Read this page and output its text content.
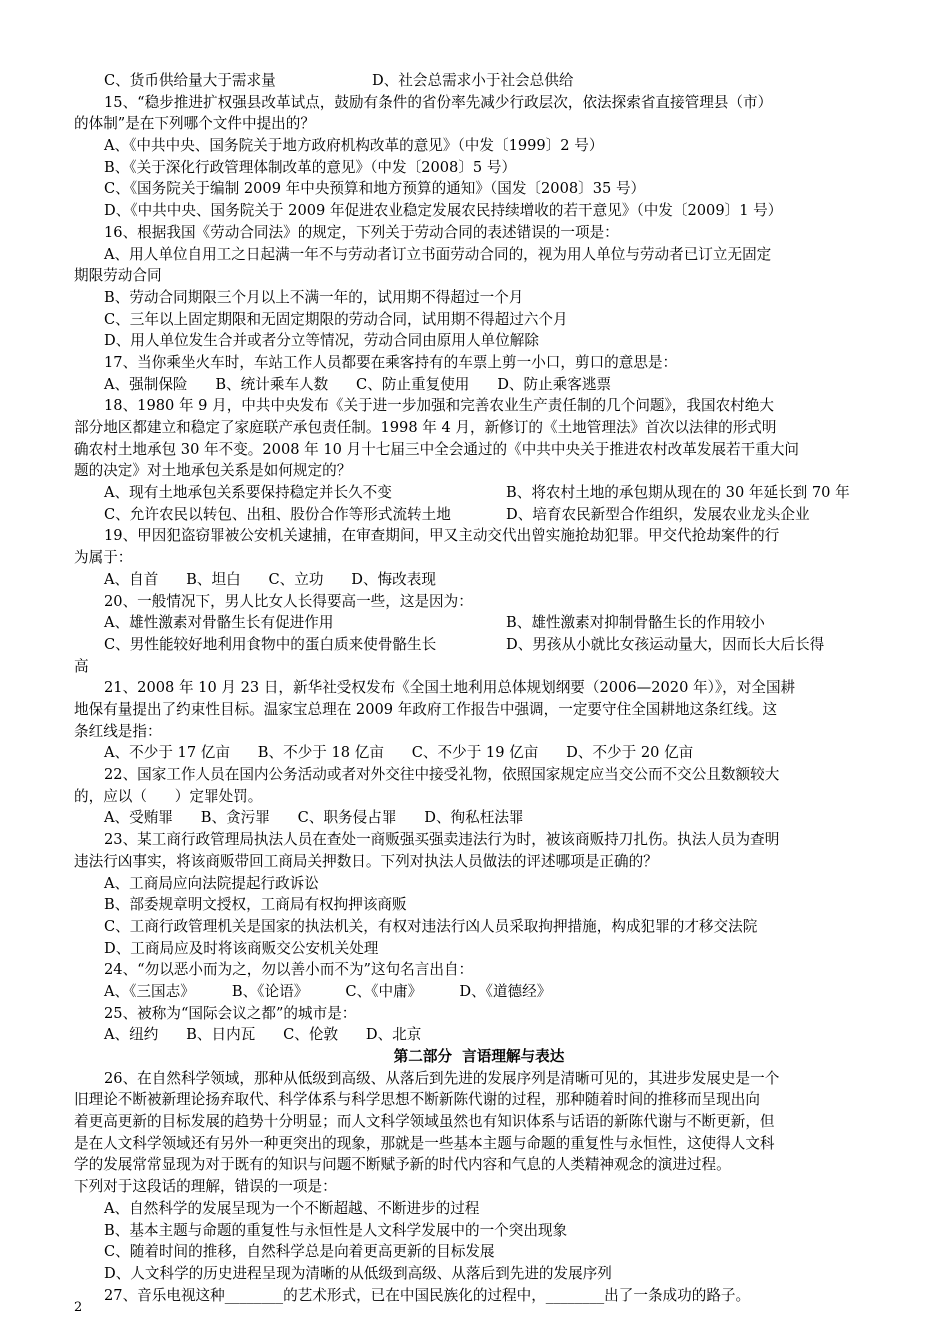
C、货币供给量大于需求量	D、社会总需求小于社会总供给
15、“稳步推进扩权强县改革试点，鼓励有条件的省份率先减少行政层次，依法探索省直接管理县（市）
的体制”是在下列哪个文件中提出的？
A、《中共中央、国务院关于地方政府机构改革的意见》（中发〔1999〕2 号）
B、《关于深化行政管理体制改革的意见》（中发〔2008〕5 号）
C、《国务院关于编制 2009 年中央预算和地方预算的通知》（国发〔2008〕35 号）
D、《中共中央、国务院关于 2009 年促进农业稳定发展农民持续增收的若干意见》（中发〔2009〕1 号）
16、根据我国《劳动合同法》的规定，下列关于劳动合同的表述错误的一项是：
A、用人单位自用工之日起满一年不与劳动者订立书面劳动合同的，视为用人单位与劳动者已订立无固定
期限劳动合同
B、劳动合同期限三个月以上不满一年的，试用期不得超过一个月
C、三年以上固定期限和无固定期限的劳动合同，试用期不得超过六个月
D、用人单位发生合并或者分立等情况，劳动合同由原用人单位解除
17、当你乘坐火车时，车站工作人员都要在乘客持有的车票上剪一小口，剪口的意思是：
A、强制保险      B、统计乘车人数      C、防止重复使用      D、防止乘客逃票
18、1980 年 9 月，中共中央发布《关于进一步加强和完善农业生产责任制的几个问题》，我国农村绝大
部分地区都建立和稳定了家庭联产承包责任制。1998 年 4 月，新修订的《土地管理法》首次以法律的形式明
确农村土地承包 30 年不变。2008 年 10 月十七届三中全会通过的《中共中央关于推进农村改革发展若干重大问
题的决定》对土地承包关系是如何规定的？
A、现有土地承包关系要保持稳定并长久不变	B、将农村土地的承包期从现在的 30 年延长到 70 年
C、允许农民以转包、出租、股份合作等形式流转土地	D、培育农民新型合作组织，发展农业龙头企业
19、甲因犯盗窃罪被公安机关逮捕，在审查期间，甲又主动交代出曾实施抢劫犯罪。甲交代抢劫案件的行
为属于：
A、自首      B、坦白      C、立功      D、悔改表现
20、一般情况下，男人比女人长得要高一些，这是因为：
A、雄性激素对骨骼生长有促进作用	B、雄性激素对抑制骨骼生长的作用较小
C、男性能较好地利用食物中的蛋白质来使骨骼生长	D、男孩从小就比女孩运动量大，因而长大后长得
高
21、2008 年 10 月 23 日，新华社受权发布《全国土地利用总体规划纲要（2006—2020 年）》，对全国耕
地保有量提出了约束性目标。温家宝总理在 2009 年政府工作报告中强调，一定要守住全国耕地这条红线。这
条红线是指：
A、不少于 17 亿亩      B、不少于 18 亿亩      C、不少于 19 亿亩      D、不少于 20 亿亩
22、国家工作人员在国内公务活动或者对外交往中接受礼物，依照国家规定应当交公而不交公且数额较大
的，应以（      ）定罪处罚。
A、受贿罪      B、贪污罪      C、职务侵占罪      D、徇私枉法罪
23、某工商行政管理局执法人员在查处一商贩强买强卖违法行为时，被该商贩持刀扎伤。执法人员为查明
违法行凶事实，将该商贩带回工商局关押数日。下列对执法人员做法的评述哪项是正确的？
A、工商局应向法院提起行政诉讼
B、部委规章明文授权，工商局有权拘押该商贩
C、工商行政管理机关是国家的执法机关，有权对违法行凶人员采取拘押措施，构成犯罪的才移交法院
D、工商局应及时将该商贩交公安机关处理
24、“勿以恶小而为之，勿以善小而不为”这句名言出自：
A、《三国志》        B、《论语》        C、《中庸》        D、《道德经》
25、被称为“国际会议之都”的城市是：
A、纽约      B、日内瓦      C、伦敦      D、北京
第二部分  言语理解与表达
26、在自然科学领域，那种从低级到高级、从落后到先进的发展序列是清晰可见的，其进步发展史是一个
旧理论不断被新理论扬弃取代、科学体系与科学思想不断新陈代谢的过程，那种随着时间的推移而呈现出向
着更高更新的目标发展的趋势十分明显；而人文科学领域虽然也有知识体系与话语的新陈代谢与不断更新，但
是在人文科学领域还有另外一种更突出的现象，那就是一些基本主题与命题的重复性与永恒性，这使得人文科
学的发展常常显现为对于既有的知识与问题不断赋予新的时代内容和气息的人类精神观念的演进过程。
下列对于这段话的理解，错误的一项是：
A、自然科学的发展呈现为一个不断超越、不断进步的过程
B、基本主题与命题的重复性与永恒性是人文科学发展中的一个突出现象
C、随着时间的推移，自然科学总是向着更高更新的目标发展
D、人文科学的历史进程呈现为清晰的从低级到高级、从落后到先进的发展序列
27、音乐电视这种________的艺术形式，已在中国民族化的过程中，________出了一条成功的路子。
2
